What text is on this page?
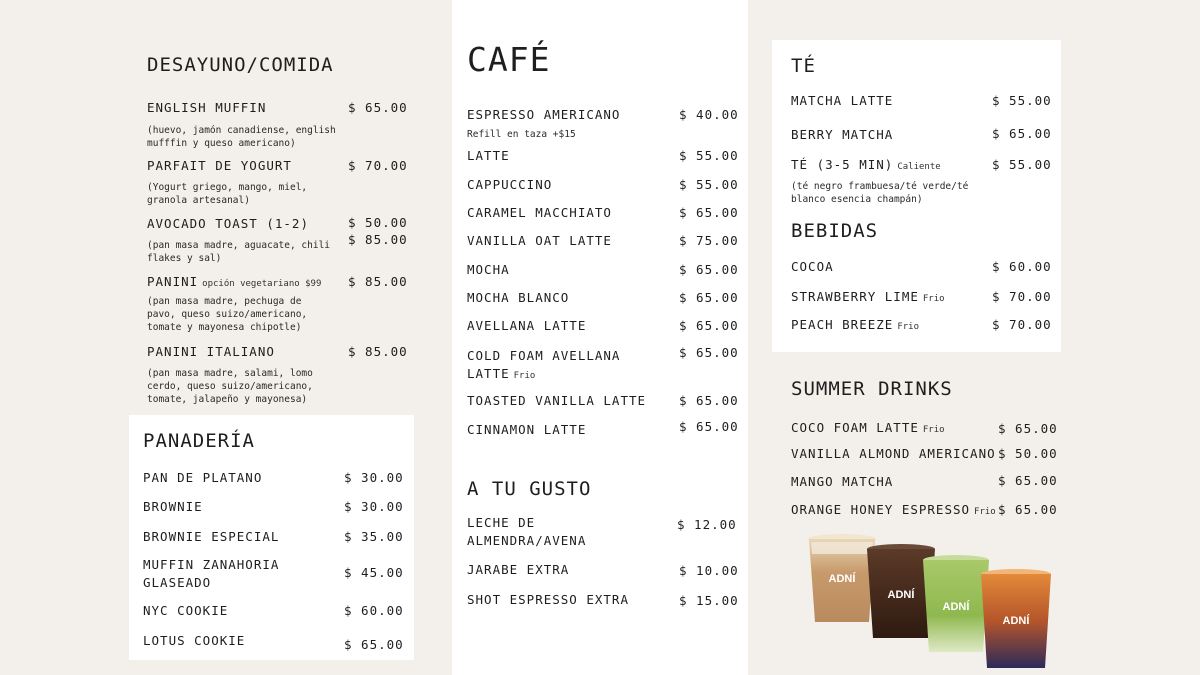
DESAYUNO/COMIDA
ENGLISH MUFFIN	$ 65.00
(huevo, jamón canadiense, english mufffin y queso americano)
PARFAIT DE YOGURT	$ 70.00
(Yogurt griego, mango, miel, granola artesanal)
AVOCADO TOAST (1-2)	$ 50.00
$ 85.00
(pan masa madre, aguacate, chili flakes y sal)
PANINI opción vegetariano $99 $ 85.00
(pan masa madre, pechuga de pavo, queso suizo/americano, tomate y mayonesa chipotle)
PANINI ITALIANO	$ 85.00
(pan masa madre, salami, lomo cerdo, queso suizo/americano, tomate, jalapeño y mayonesa)
PANADERÍA
PAN DE PLATANO	$ 30.00
BROWNIE	$ 30.00
BROWNIE ESPECIAL	$ 35.00
MUFFIN ZANAHORIA GLASEADO
$ 45.00
NYC COOKIE	$ 60.00
LOTUS COOKIE	$ 65.00
CAFÉ
ESPRESSO AMERICANO	$ 40.00
Refill en taza +$15
LATTE	$ 55.00
CAPPUCCINO	$ 55.00
CARAMEL MACCHIATO	$ 65.00
VANILLA OAT LATTE	$ 75.00
MOCHA	$ 65.00
MOCHA BLANCO	$ 65.00
AVELLANA LATTE	$ 65.00
COLD FOAM AVELLANA LATTE Frio
$ 65.00
TOASTED VANILLA LATTE	$ 65.00
CINNAMON LATTE	$ 65.00
A TU GUSTO
LECHE DE ALMENDRA/AVENA
$ 12.00
JARABE EXTRA	$ 10.00
SHOT ESPRESSO EXTRA	$ 15.00
TÉ
MATCHA LATTE	$ 55.00
BERRY MATCHA	$ 65.00
TÉ (3-5 MIN) Caliente	$ 55.00
(té negro frambuesa/té verde/té blanco esencia champán)
BEBIDAS
COCOA	$ 60.00
STRAWBERRY LIME Frio	$ 70.00
PEACH BREEZE Frio	$ 70.00
SUMMER DRINKS
COCO FOAM LATTE Frio	$ 65.00
VANILLA ALMOND AMERICANO $ 50.00
MANGO MATCHA	$ 65.00
ORANGE HONEY ESPRESSO Frio $ 65.00
ADNÍ
ADNÍ
ADNÍ
ADNÍ
